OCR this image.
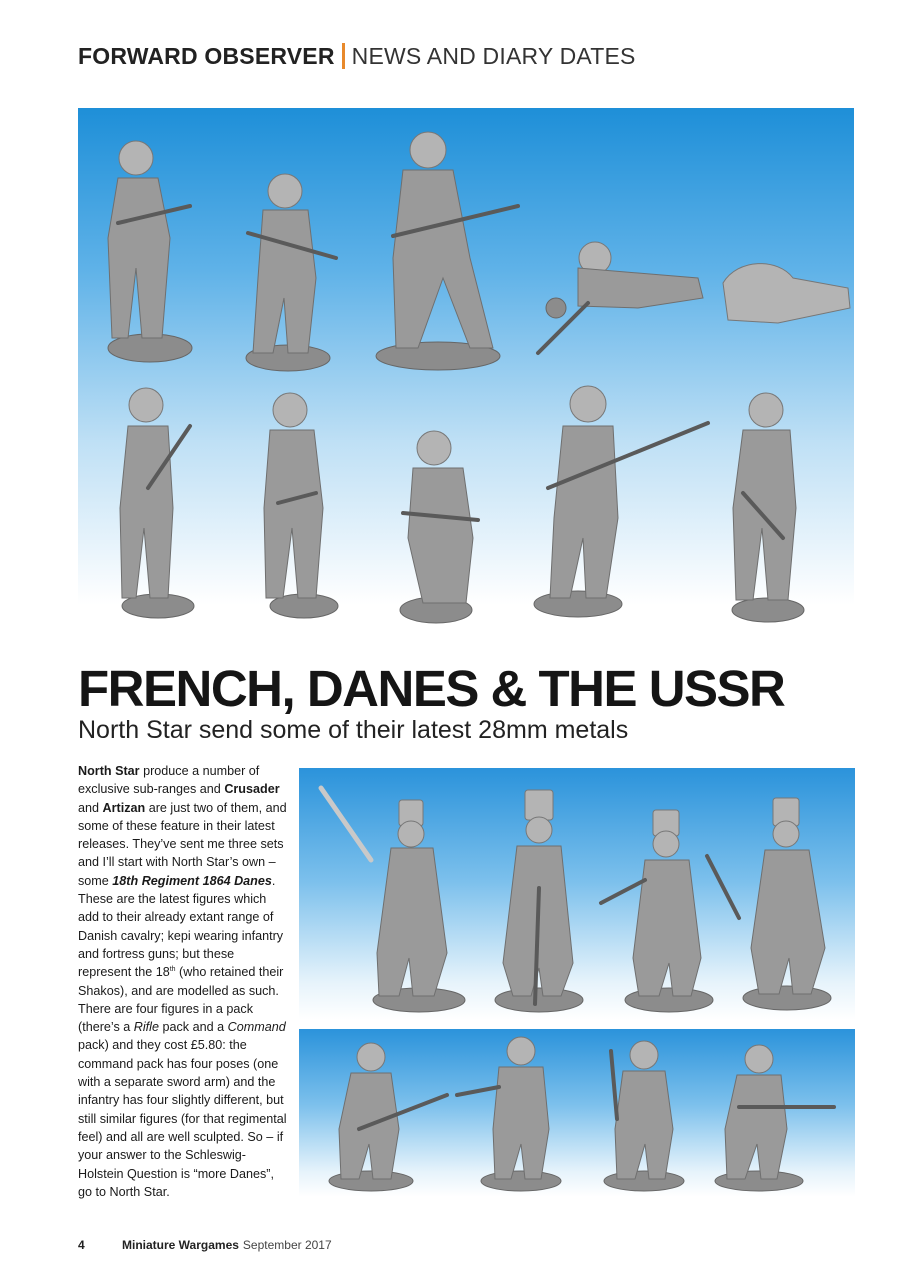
FORWARD OBSERVER NEWS AND DIARY DATES
FRENCH, DANES & THE USSR
North Star send some of their latest 28mm metals
North Star produce a number of exclusive sub-ranges and Crusader and Artizan are just two of them, and some of these feature in their latest releases. They’ve sent me three sets and I’ll start with North Star’s own – some 18th Regiment 1864 Danes. These are the latest figures which add to their already extant range of Danish cavalry; kepi wearing infantry and fortress guns; but these represent the 18th (who retained their Shakos), and are modelled as such. There are four figures in a pack (there’s a Rifle pack and a Command pack) and they cost £5.80: the command pack has four poses (one with a separate sword arm) and the infantry has four slightly different, but still similar figures (for that regimental feel) and all are well sculpted. So – if your answer to the Schleswig-Holstein Question is “more Danes”, go to North Star.
4	Miniature Wargames September 2017
